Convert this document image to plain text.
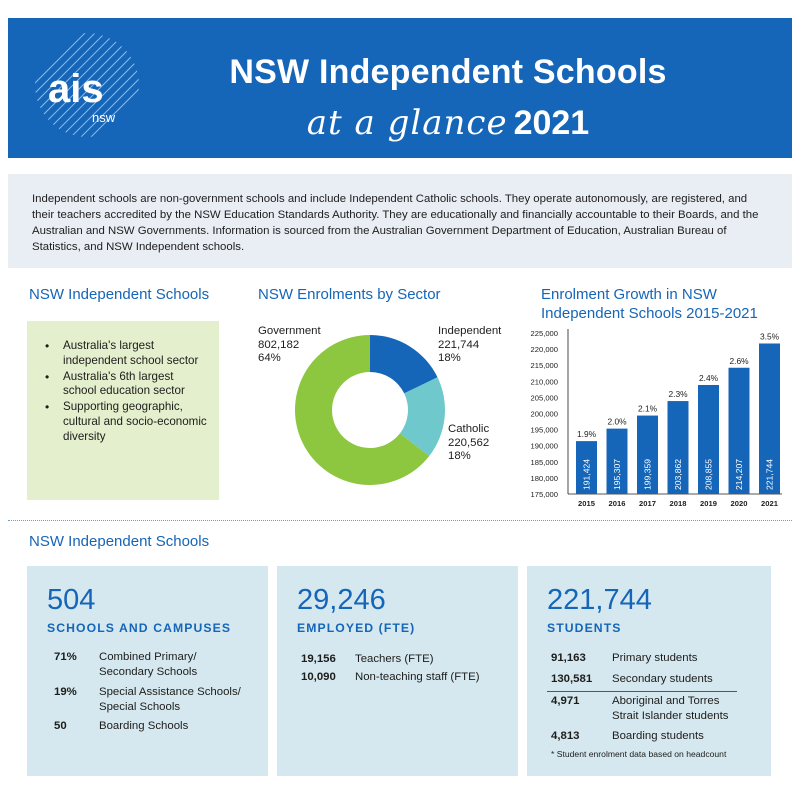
ais
nsw
NSW Independent Schools
at a glance 2021
Independent schools are non-government schools and include Independent Catholic schools. They operate autonomously, are registered, and their teachers accredited by the NSW Education Standards Authority. They are educationally and financially accountable to their Boards, and the Australian and NSW Governments. Information is sourced from the Australian Government Department of Education, Australian Bureau of Statistics, and NSW Independent schools.
NSW Independent Schools
• Australia's largest independent school sector
• Australia's 6th largest school education sector
• Supporting geographic, cultural and socio-economic diversity
NSW Enrolments by Sector
Government
802,182
64%
Independent
221,744
18%
Catholic
220,562
18%
Enrolment Growth in NSW Independent Schools 2015-2021
175,000
180,000
185,000
190,000
195,000
200,000
205,000
210,000
215,000
220,000
225,000
1.9%
191,424
2015
2.0%
195,307
2016
2.1%
199,359
2017
2.3%
203,862
2018
2.4%
208,855
2019
2.6%
214,207
2020
3.5%
221,744
2021
NSW Independent Schools
504
SCHOOLS AND CAMPUSES
71% Combined Primary/
Secondary Schools
19% Special Assistance Schools/
Special Schools
50	Boarding Schools
29,246
EMPLOYED (FTE)
19,156 Teachers (FTE)
10,090 Non-teaching staff (FTE)
221,744
STUDENTS
91,163 Primary students
130,581 Secondary students
4,971	Aboriginal and Torres
Strait Islander students
4,813	Boarding students
* Student enrolment data based on headcount
